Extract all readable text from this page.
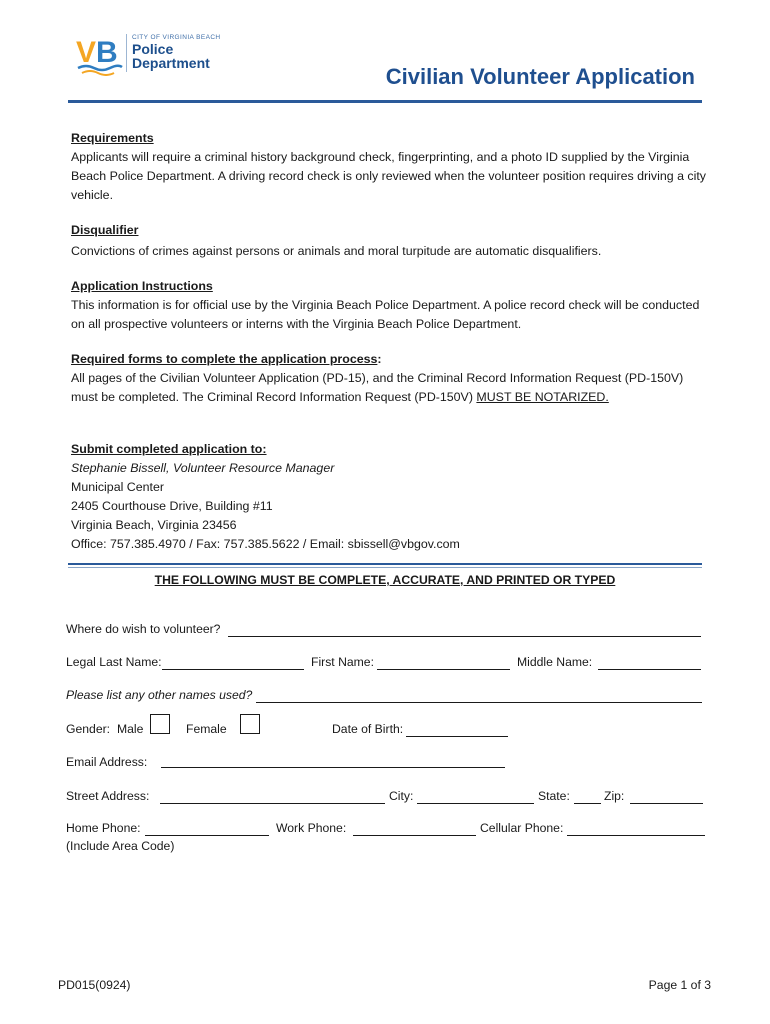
V B CITY OF VIRGINIA BEACH
Police
Department
Civilian Volunteer Application

Requirements

Applicants will require a criminal history background check, fingerprinting, and a photo ID supplied by the Virginia Beach Police Department. A driving record check is only reviewed when the volunteer position requires driving a city vehicle.

Disqualifier

Convictions of crimes against persons or animals and moral turpitude are automatic disqualifiers.

Application Instructions

This information is for official use by the Virginia Beach Police Department. A police record check will be conducted on all prospective volunteers or interns with the Virginia Beach Police Department.

Required forms to complete the application process:

All pages of the Civilian Volunteer Application (PD-15), and the Criminal Record Information Request (PD-150V) must be completed. The Criminal Record Information Request (PD-150V) MUST BE NOTARIZED.

Submit completed application to:

Stephanie Bissell, Volunteer Resource Manager

Municipal Center

2405 Courthouse Drive, Building #11

Virginia Beach, Virginia 23456

Office: 757.385.4970 / Fax: 757.385.5622 / Email: sbissell@vbgov.com

THE FOLLOWING MUST BE COMPLETE, ACCURATE, AND PRINTED OR TYPED
Where do wish to volunteer?
Legal Last Name:	First Name:	Middle Name:
Please list any other names used?
Gender: Male	Female	Date of Birth:
Email Address:
Street Address:	City:	State:	Zip:
Home Phone:	Work Phone:	Cellular Phone:
(Include Area Code)
PD015(0924)	Page 1 of 3
